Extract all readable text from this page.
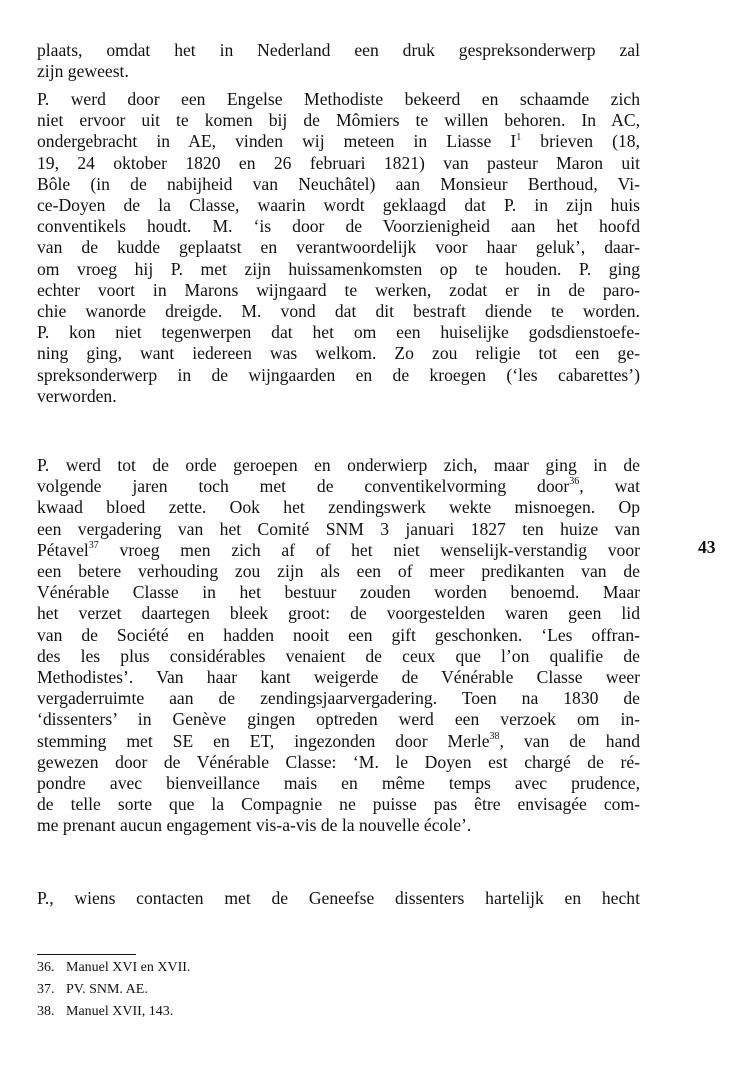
plaats, omdat het in Nederland een druk gespreksonderwerp zal
zijn geweest.
P. werd door een Engelse Methodiste bekeerd en schaamde zich
niet ervoor uit te komen bij de Mômiers te willen behoren. In AC,
ondergebracht in AE, vinden wij meteen in Liasse $I^1$ brieven (18,
19, 24 oktober 1820 en 26 februari 1821) van pasteur Maron uit
Bôle (in de nabijheid van Neuchâtel) aan Monsieur Berthoud, Vi-
ce-Doyen de la Classe, waarin wordt geklaagd dat P. in zijn huis
conventikels houdt. M. ‘is door de Voorzienigheid aan het hoofd
van de kudde geplaatst en verantwoordelijk voor haar geluk’, daar-
om vroeg hij P. met zijn huissamenkomsten op te houden. P. ging
echter voort in Marons wijngaard te werken, zodat er in de paro-
chie wanorde dreigde. M. vond dat dit bestraft diende te worden.
P. kon niet tegenwerpen dat het om een huiselijke godsdienstoefe-
ning ging, want iedereen was welkom. Zo zou religie tot een ge-
spreksonderwerp in de wijngaarden en de kroegen (‘les cabarettes’)
verworden.
P. werd tot de orde geroepen en onderwierp zich, maar ging in de
volgende jaren toch met de conventikelvorming door$^{36}$, wat
kwaad bloed zette. Ook het zendingswerk wekte misnoegen. Op
een vergadering van het Comité SNM 3 januari 1827 ten huize van
Pétavel$^{37}$ vroeg men zich af of het niet wenselijk-verstandig voor
een betere verhouding zou zijn als een of meer predikanten van de
Vénérable Classe in het bestuur zouden worden benoemd. Maar
het verzet daartegen bleek groot: de voorgestelden waren geen lid
van de Société en hadden nooit een gift geschonken. ‘Les offran-
des les plus considérables venaient de ceux que l’on qualifie de
Methodistes’. Van haar kant weigerde de Vénérable Classe weer
vergaderruimte aan de zendingsjaarvergadering. Toen na 1830 de
‘dissenters’ in Genève gingen optreden werd een verzoek om in-
stemming met SE en ET, ingezonden door Merle$^{38}$, van de hand
gewezen door de Vénérable Classe: ‘M. le Doyen est chargé de ré-
pondre avec bienveillance mais en même temps avec prudence,
de telle sorte que la Compagnie ne puisse pas être envisagée com-
me prenant aucun engagement vis-a-vis de la nouvelle école’.
P., wiens contacten met de Geneefse dissenters hartelijk en hecht
43
36. Manuel XVI en XVII.
37. PV. SNM. AE.
38. Manuel XVII, 143.
